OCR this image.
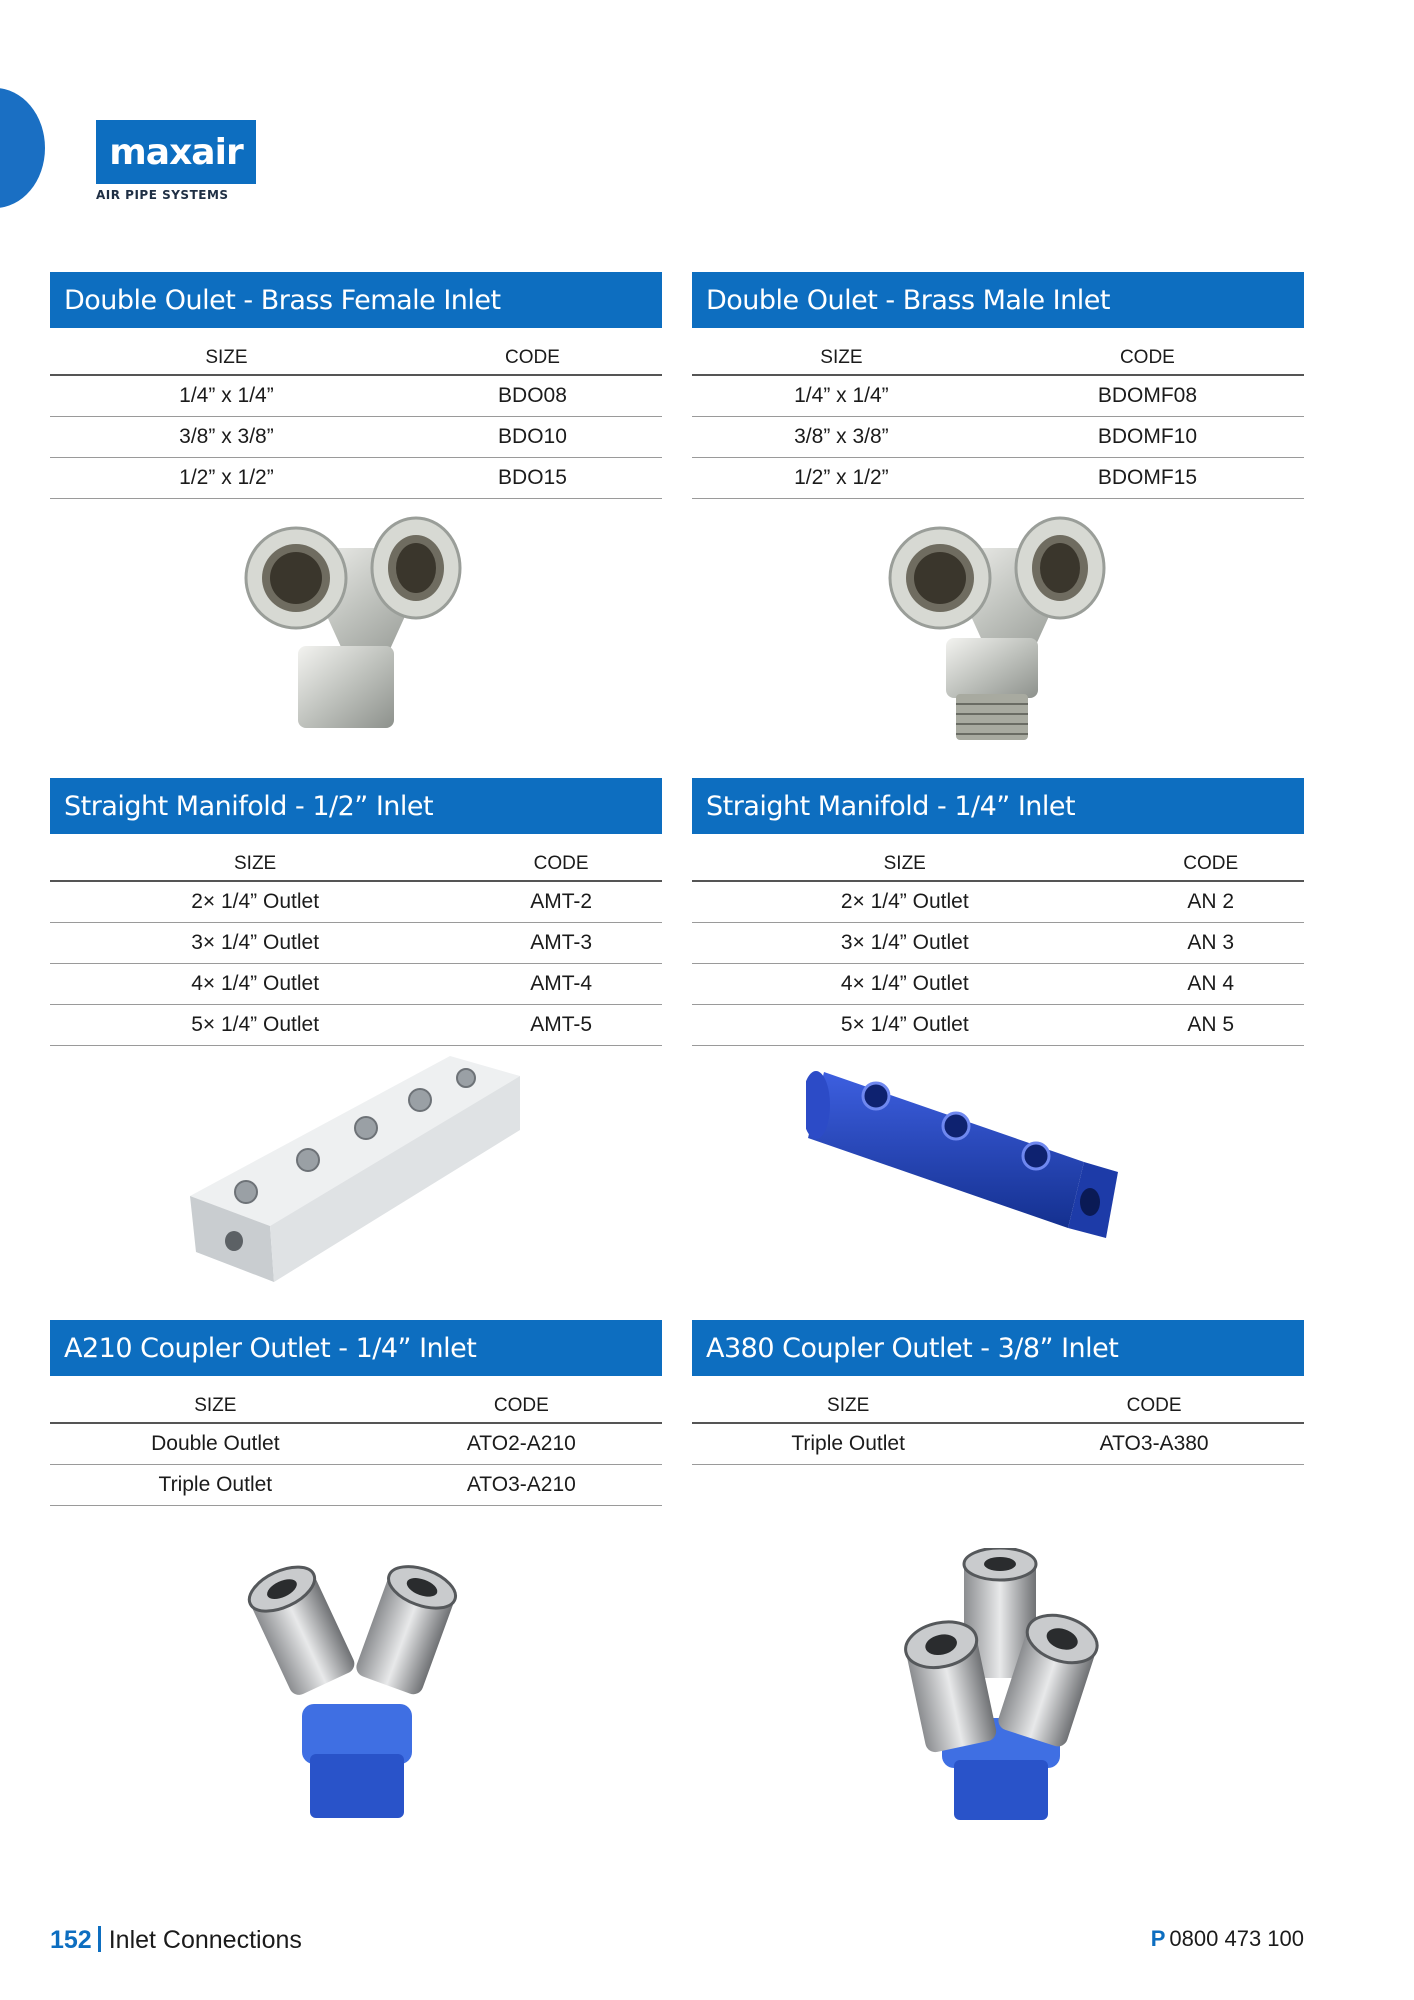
maxair
AIR PIPE SYSTEMS
Double Oulet - Brass Female Inlet
SIZE	CODE
1/4” x 1/4”	BDO08
3/8” x 3/8”	BDO10
1/2” x 1/2”	BDO15
Double Oulet - Brass Male Inlet
SIZE	CODE
1/4” x 1/4”	BDOMF08
3/8” x 3/8”	BDOMF10
1/2” x 1/2”	BDOMF15
Straight Manifold - 1/2” Inlet
SIZE	CODE
2× 1/4” Outlet	AMT-2
3× 1/4” Outlet	AMT-3
4× 1/4” Outlet	AMT-4
5× 1/4” Outlet	AMT-5
Straight Manifold - 1/4” Inlet
SIZE	CODE
2× 1/4” Outlet	AN 2
3× 1/4” Outlet	AN 3
4× 1/4” Outlet	AN 4
5× 1/4” Outlet	AN 5
A210 Coupler Outlet - 1/4” Inlet
SIZE	CODE
Double Outlet	ATO2-A210
Triple Outlet	ATO3-A210
A380 Coupler Outlet - 3/8” Inlet
SIZE	CODE
Triple Outlet	ATO3-A380
152 Inlet Connections	P 0800 473 100
